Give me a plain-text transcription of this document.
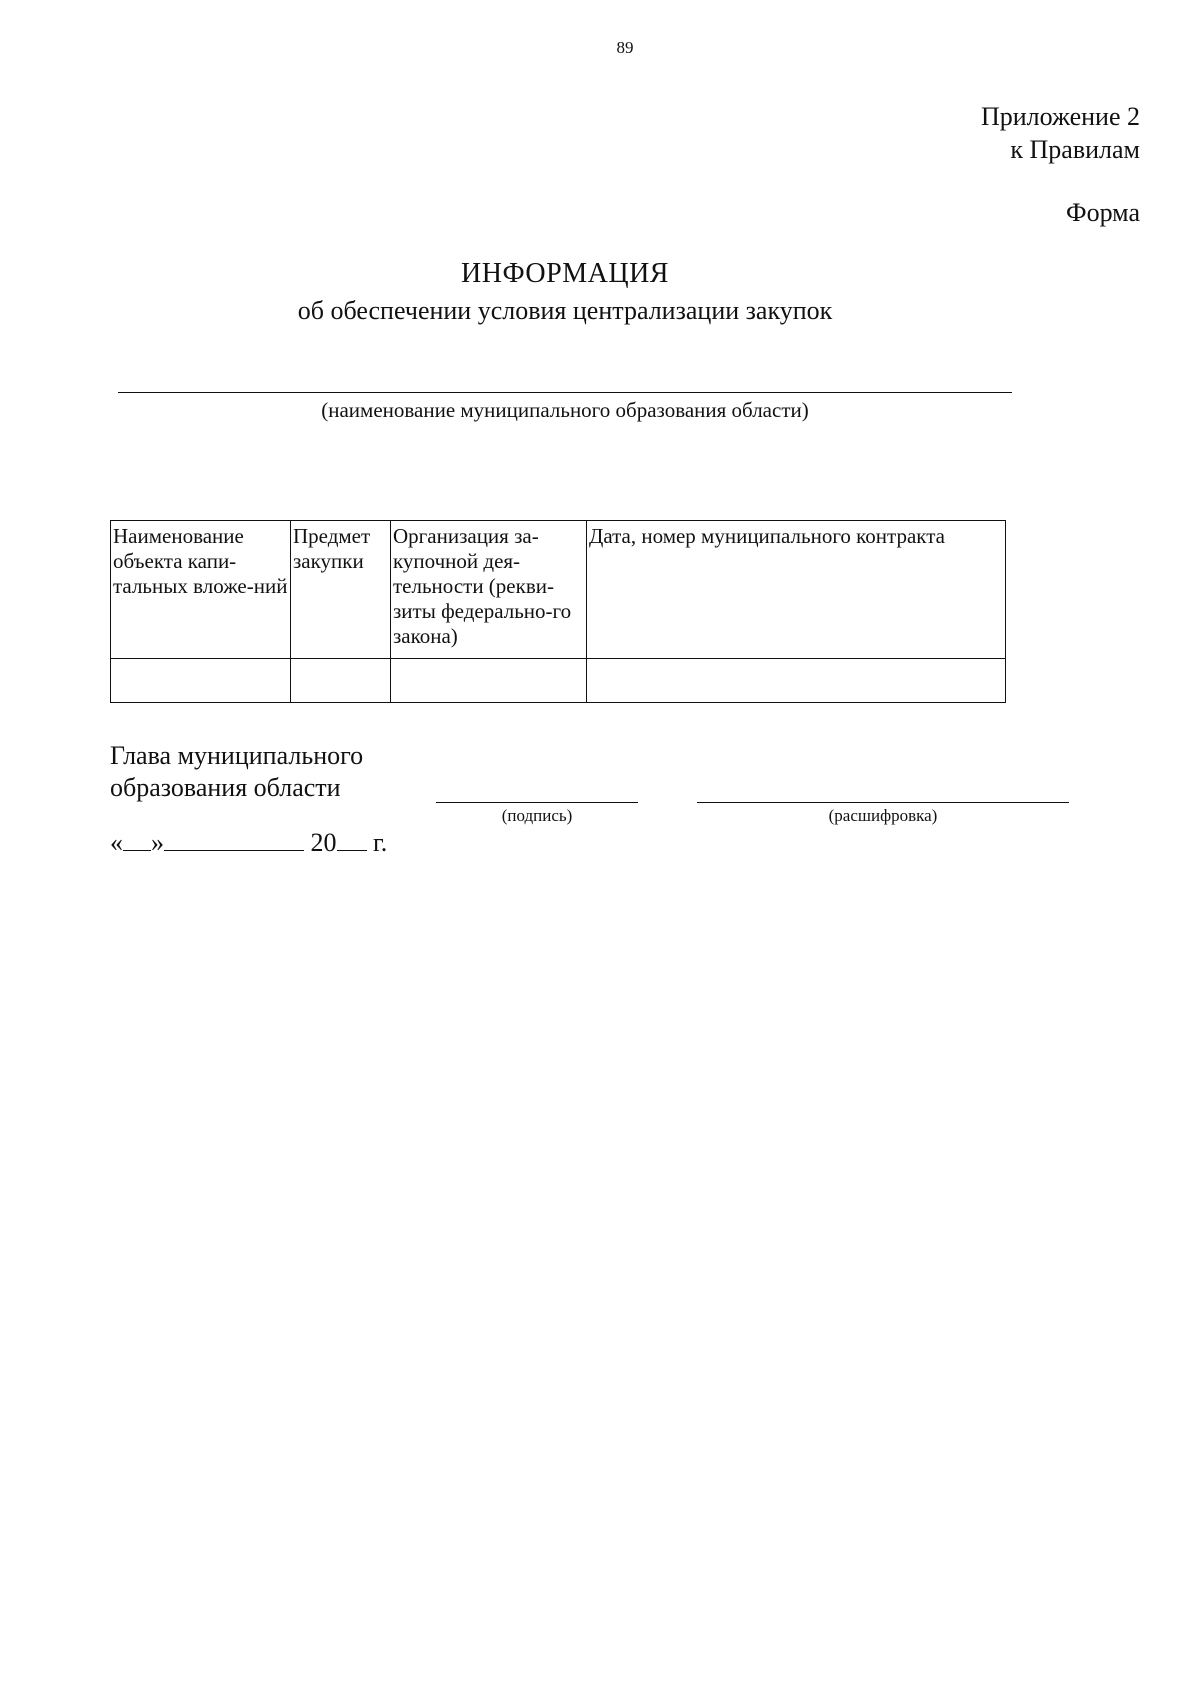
89
Приложение 2
к Правилам
Форма
ИНФОРМАЦИЯ
об обеспечении условия централизации закупок
(наименование муниципального образования области)
Наименование объекта капи-тальных вложе-ний	Предмет закупки	Организация за-купочной дея-тельности (рекви-зиты федерально-го закона)	Дата, номер муниципального контракта

Глава муниципального
образования области
(подпись)	(расшифровка)
« »	20 г.
